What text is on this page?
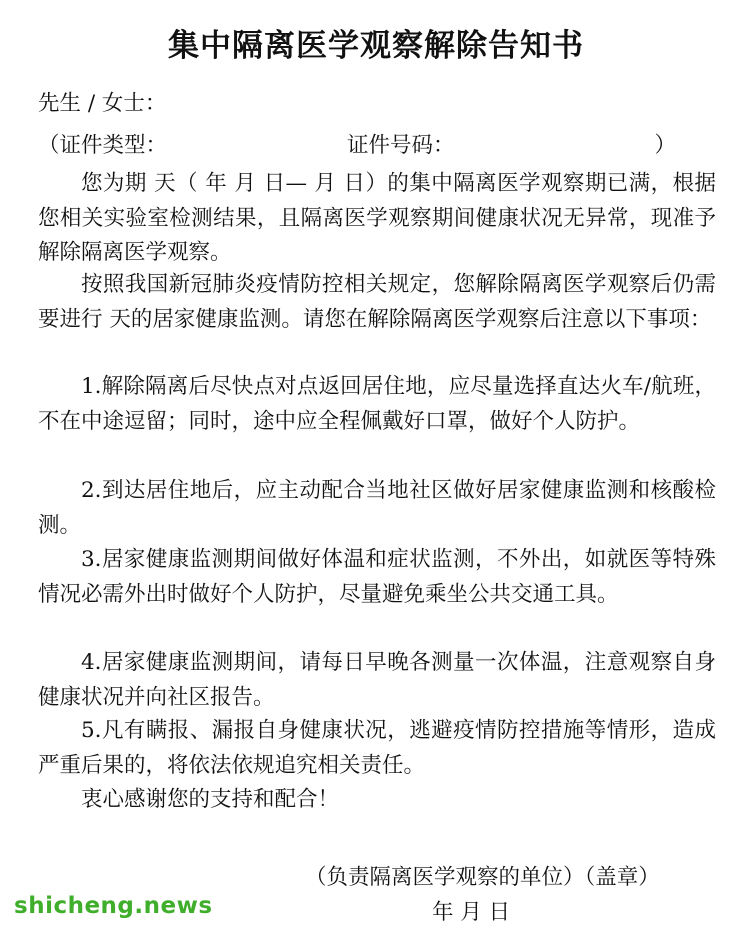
集中隔离医学观察解除告知书
先生 / 女士：
（证件类型：	证件号码：	）
您为期 天（ 年 月 日— 月 日）的集中隔离医学观察期已满，根据您相关实验室检测结果，且隔离医学观察期间健康状况无异常，现准予解除隔离医学观察。
按照我国新冠肺炎疫情防控相关规定，您解除隔离医学观察后仍需要进行 天的居家健康监测。请您在解除隔离医学观察后注意以下事项：
1.解除隔离后尽快点对点返回居住地，应尽量选择直达火车/航班，不在中途逗留；同时，途中应全程佩戴好口罩，做好个人防护。
2.到达居住地后，应主动配合当地社区做好居家健康监测和核酸检测。
3.居家健康监测期间做好体温和症状监测，不外出，如就医等特殊情况必需外出时做好个人防护，尽量避免乘坐公共交通工具。
4.居家健康监测期间，请每日早晚各测量一次体温，注意观察自身健康状况并向社区报告。
5.凡有瞒报、漏报自身健康状况，逃避疫情防控措施等情形，造成严重后果的，将依法依规追究相关责任。
衷心感谢您的支持和配合！
（负责隔离医学观察的单位）（盖章）
年 月 日
shicheng.news
